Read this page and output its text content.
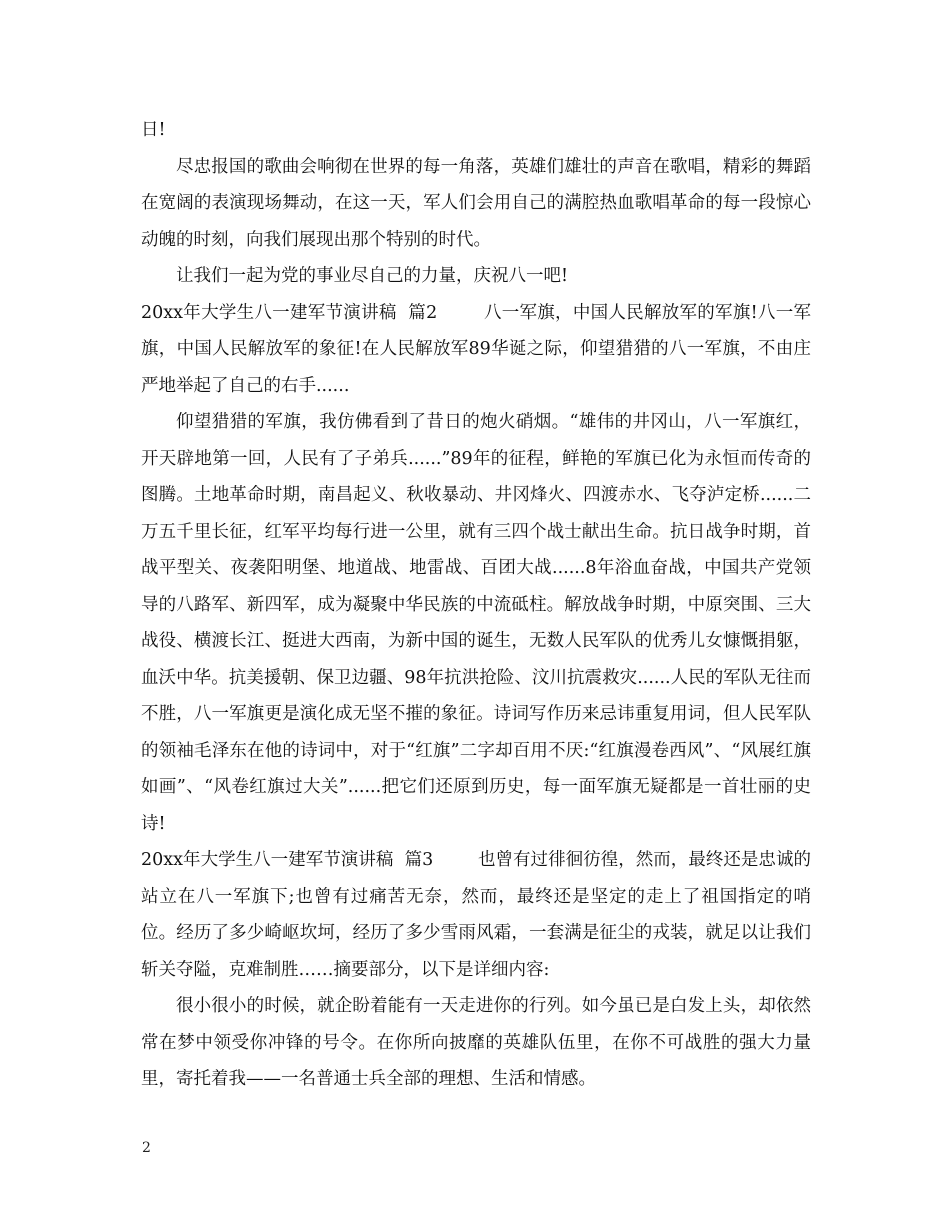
日!

尽忠报国的歌曲会响彻在世界的每一角落，英雄们雄壮的声音在歌唱，精彩的舞蹈在宽阔的表演现场舞动，在这一天，军人们会用自己的满腔热血歌唱革命的每一段惊心动魄的时刻，向我们展现出那个特别的时代。

让我们一起为党的事业尽自己的力量，庆祝八一吧!

20xx年大学生八一建军节演讲稿  篇2        八一军旗，中国人民解放军的军旗!八一军旗，中国人民解放军的象征!在人民解放军89华诞之际，仰望猎猎的八一军旗，不由庄严地举起了自己的右手......

仰望猎猎的军旗，我仿佛看到了昔日的炮火硝烟。“雄伟的井冈山，八一军旗红，开天辟地第一回，人民有了子弟兵......”89年的征程，鲜艳的军旗已化为永恒而传奇的图腾。土地革命时期，南昌起义、秋收暴动、井冈烽火、四渡赤水、飞夺泸定桥......二万五千里长征，红军平均每行进一公里，就有三四个战士献出生命。抗日战争时期，首战平型关、夜袭阳明堡、地道战、地雷战、百团大战......8年浴血奋战，中国共产党领导的八路军、新四军，成为凝聚中华民族的中流砥柱。解放战争时期，中原突围、三大战役、横渡长江、挺进大西南，为新中国的诞生，无数人民军队的优秀儿女慷慨捐躯，血沃中华。抗美援朝、保卫边疆、98年抗洪抢险、汶川抗震救灾......人民的军队无往而不胜，八一军旗更是演化成无坚不摧的象征。诗词写作历来忌讳重复用词，但人民军队的领袖毛泽东在他的诗词中，对于“红旗”二字却百用不厌:“红旗漫卷西风”、“风展红旗如画”、“风卷红旗过大关”......把它们还原到历史，每一面军旗无疑都是一首壮丽的史诗!

20xx年大学生八一建军节演讲稿  篇3        也曾有过徘徊彷徨，然而，最终还是忠诚的站立在八一军旗下;也曾有过痛苦无奈，然而，最终还是坚定的走上了祖国指定的哨位。经历了多少崎岖坎坷，经历了多少雪雨风霜，一套满是征尘的戎装，就足以让我们斩关夺隘，克难制胜……摘要部分，以下是详细内容:

很小很小的时候，就企盼着能有一天走进你的行列。如今虽已是白发上头，却依然常在梦中领受你冲锋的号令。在你所向披靡的英雄队伍里，在你不可战胜的强大力量里，寄托着我——一名普通士兵全部的理想、生活和情感。

2
